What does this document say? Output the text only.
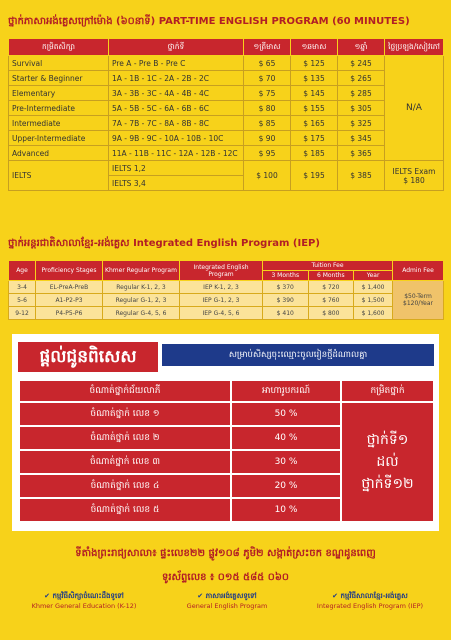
ថ្នាក់ភាសាអង់គ្លេសក្រៅម៉ោង (៦០នាទី) PART-TIME ENGLISH PROGRAM (60 MINUTES)
កម្រិតសិក្សា	ថ្នាក់ទី	១ត្រីមាស	១ឆមាស	១ឆ្នាំ	ថ្លៃប្រឡង/សៀវភៅ
Survival	Pre A - Pre B - Pre C	$ 65	$ 125	$ 245	N/A
Starter & Beginner	1A - 1B - 1C - 2A - 2B - 2C	$ 70	$ 135	$ 265	
Elementary	3A - 3B - 3C - 4A - 4B - 4C	$ 75	$ 145	$ 285	
Pre-Intermediate	5A - 5B - 5C - 6A - 6B - 6C	$ 80	$ 155	$ 305	
Intermediate	7A - 7B - 7C - 8A - 8B - 8C	$ 85	$ 165	$ 325	
Upper-Intermediate	9A - 9B - 9C - 10A - 10B - 10C	$ 90	$ 175	$ 345	
Advanced	11A - 11B - 11C - 12A - 12B - 12C	$ 95	$ 185	$ 365	
IELTS	IELTS 1,2	$ 100	$ 195	$ 385	IELTS Exam
$ 180

	IELTS 3,4				
ថ្នាក់អន្តរជាតិសាលាខ្មែរ-អង់គ្លេស Integrated English Program (IEP)
Age	Proficiency Stages	Khmer Regular Program	Integrated English Program	Tuition Fee			Admin Fee
				3 Months	6 Months	Year	
3-4	EL-PreA-PreB	Regular K-1, 2, 3	IEP K-1, 2, 3	$ 370	$ 720	$ 1,400	$50-Term
$120/Year

5-6	A1-P2-P3	Regular G-1, 2, 3	IEP G-1, 2, 3	$ 390	$ 760	$ 1,500	
9-12	P4-P5-P6	Regular G-4, 5, 6	IEP G-4, 5, 6	$ 410	$ 800	$ 1,600	
ផ្តល់ជូនពិសេស	សម្រាប់សិស្សចុះឈ្មោះចូលរៀនថ្មីដំណាលគ្នា
ចំណាត់ថ្នាក់ជ័យលាភី	អាហារូបករណ៍	កម្រិតថ្នាក់
ចំណាត់ថ្នាក់ លេខ ១	50 %	ថ្នាក់ទី១
ដល់
ថ្នាក់ទី១២

ចំណាត់ថ្នាក់ លេខ ២	40 %	
ចំណាត់ថ្នាក់ លេខ ៣	30 %	
ចំណាត់ថ្នាក់ លេខ ៤	20 %	
ចំណាត់ថ្នាក់ លេខ ៥	10 %	
ទីតាំងព្រះរាជ្យសាលា៖ ផ្ទះលេខ២២ ផ្លូវ១០៨ ភូមិ២ សង្កាត់ស្រះចក ខណ្ឌដូនពេញ
ទូរស័ព្ទលេខ ៖ ០១៥ ៥៨៥ ០៦០
✔ កម្មវិធីសិក្សាចំណេះដឹងទូទៅ
Khmer General Education (K-12)
✔ ភាសាអង់គ្លេសទូទៅ
General English Program
✔ កម្មវិធីសាលាខ្មែរ-អង់គ្លេស
Integrated English Program (IEP)
